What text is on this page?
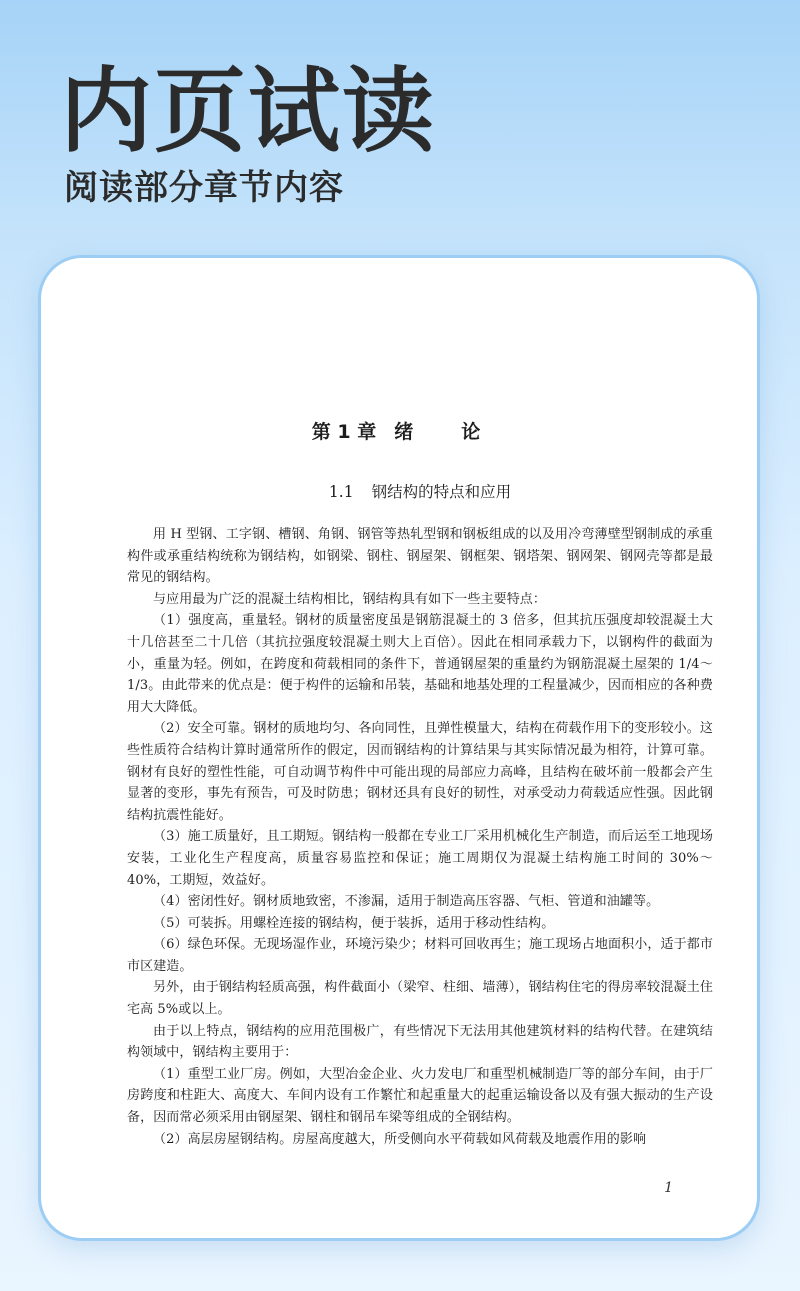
内页试读
阅读部分章节内容
第 1 章 绪论
1.1 钢结构的特点和应用

用 H 型钢、工字钢、槽钢、角钢、钢管等热轧型钢和钢板组成的以及用冷弯薄壁型钢制成的承重构件或承重结构统称为钢结构，如钢梁、钢柱、钢屋架、钢框架、钢塔架、钢网架、钢网壳等都是最常见的钢结构。

与应用最为广泛的混凝土结构相比，钢结构具有如下一些主要特点：

（1）强度高，重量轻。钢材的质量密度虽是钢筋混凝土的 3 倍多，但其抗压强度却较混凝土大十几倍甚至二十几倍（其抗拉强度较混凝土则大上百倍）。因此在相同承载力下，以钢构件的截面为小，重量为轻。例如，在跨度和荷载相同的条件下，普通钢屋架的重量约为钢筋混凝土屋架的 1/4～1/3。由此带来的优点是：便于构件的运输和吊装，基础和地基处理的工程量减少，因而相应的各种费用大大降低。

（2）安全可靠。钢材的质地均匀、各向同性，且弹性模量大，结构在荷载作用下的变形较小。这些性质符合结构计算时通常所作的假定，因而钢结构的计算结果与其实际情况最为相符，计算可靠。钢材有良好的塑性性能，可自动调节构件中可能出现的局部应力高峰，且结构在破坏前一般都会产生显著的变形，事先有预告，可及时防患；钢材还具有良好的韧性，对承受动力荷载适应性强。因此钢结构抗震性能好。

（3）施工质量好，且工期短。钢结构一般都在专业工厂采用机械化生产制造，而后运至工地现场安装，工业化生产程度高，质量容易监控和保证；施工周期仅为混凝土结构施工时间的 30%～40%，工期短，效益好。

（4）密闭性好。钢材质地致密，不渗漏，适用于制造高压容器、气柜、管道和油罐等。

（5）可装拆。用螺栓连接的钢结构，便于装拆，适用于移动性结构。

（6）绿色环保。无现场湿作业，环境污染少；材料可回收再生；施工现场占地面积小，适于都市市区建造。

另外，由于钢结构轻质高强，构件截面小（梁窄、柱细、墙薄），钢结构住宅的得房率较混凝土住宅高 5%或以上。

由于以上特点，钢结构的应用范围极广，有些情况下无法用其他建筑材料的结构代替。在建筑结构领域中，钢结构主要用于：

（1）重型工业厂房。例如，大型冶金企业、火力发电厂和重型机械制造厂等的部分车间，由于厂房跨度和柱距大、高度大、车间内设有工作繁忙和起重量大的起重运输设备以及有强大振动的生产设备，因而常必须采用由钢屋架、钢柱和钢吊车梁等组成的全钢结构。

（2）高层房屋钢结构。房屋高度越大，所受侧向水平荷载如风荷载及地震作用的影响

1
